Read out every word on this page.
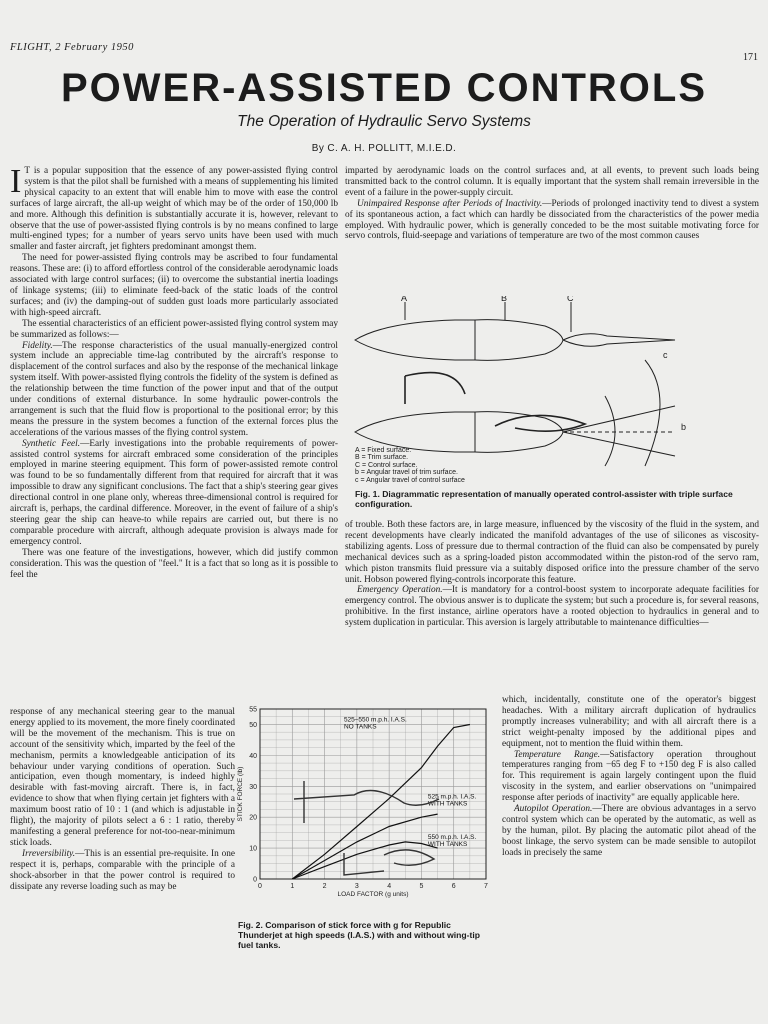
FLIGHT, 2 February 1950
171
POWER-ASSISTED CONTROLS
The Operation of Hydraulic Servo Systems
By C. A. H. POLLITT, M.I.E.D.

I T is a popular supposition that the essence of any power-assisted flying control system is that the pilot shall be furnished with a means of supplementing his limited physical capacity to an extent that will enable him to move with ease the control surfaces of large aircraft, the all-up weight of which may be of the order of 150,000 lb and more. Although this definition is substantially accurate it is, however, relevant to observe that the use of power-assisted flying controls is by no means confined to large multi-engined types; for a number of years servo units have been used with much smaller and faster aircraft, jet fighters predominant amongst them.

The need for power-assisted flying controls may be ascribed to four fundamental reasons. These are: (i) to afford effortless control of the considerable aerodynamic loads associated with large control surfaces; (ii) to overcome the substantial inertia loadings of linkage systems; (iii) to eliminate feed-back of the static loads of the control surfaces; and (iv) the damping-out of sudden gust loads more particularly associated with high-speed aircraft.

The essential characteristics of an efficient power-assisted flying control system may be summarized as follows:—

Fidelity.—The response characteristics of the usual manually-energized control system include an appreciable time-lag contributed by the aircraft's response to displacement of the control surfaces and also by the response of the mechanical linkage system itself. With power-assisted flying controls the fidelity of the system is defined as the relationship between the time function of the power input and that of the output under conditions of external disturbance. In some hydraulic power-controls the arrangement is such that the fluid flow is proportional to the positional error; by this means the pressure in the system becomes a function of the external forces plus the accelerations of the various masses of the flying control system.

Synthetic Feel.—Early investigations into the probable requirements of power-assisted control systems for aircraft embraced some consideration of the principles employed in marine steering equipment. This form of power-assisted remote control was found to be so fundamentally different from that required for aircraft that it was impossible to draw any significant conclusions. The fact that a ship's steering gear gives directional control in one plane only, whereas three-dimensional control is required for aircraft is, perhaps, the cardinal difference. Moreover, in the event of failure of a ship's steering gear the ship can heave-to while repairs are carried out, but there is no comparable procedure with aircraft, although adequate provision is always made for emergency control.

There was one feature of the investigations, however, which did justify common consideration. This was the question of "feel." It is a fact that so long as it is possible to feel the

response of any mechanical steering gear to the manual energy applied to its movement, the more finely coordinated will be the movement of the mechanism. This is true on account of the sensitivity which, imparted by the feel of the mechanism, permits a knowledgeable anticipation of its behaviour under varying conditions of operation. Such anticipation, even though momentary, is indeed highly desirable with fast-moving aircraft. There is, in fact, evidence to show that when flying certain jet fighters with a maximum boost ratio of 10 : 1 (and which is adjustable in flight), the majority of pilots select a 6 : 1 ratio, thereby manifesting a general preference for not-too-near-minimum stick loads.

Irreversibility.—This is an essential pre-requisite. In one respect it is, perhaps, comparable with the principle of a shock-absorber in that the power control is required to dissipate any reverse loading such as may be

imparted by aerodynamic loads on the control surfaces and, at all events, to prevent such loads being transmitted back to the control column. It is equally important that the system shall remain irreversible in the event of a failure in the power-supply circuit.

Unimpaired Response after Periods of Inactivity.—Periods of prolonged inactivity tend to divest a system of its spontaneous action, a fact which can hardly be dissociated from the characteristics of the power media employed. With hydraulic power, which is generally conceded to be the most suitable motivating force for servo controls, fluid-seepage and variations of temperature are two of the most common causes

A	B	C
c
b
A = Fixed surface.
B = Trim surface.
C = Control surface.
b = Angular travel of trim surface.
c = Angular travel of control surface
Fig. 1. Diagrammatic representation of manually operated control-assister with triple surface configuration.

of trouble. Both these factors are, in large measure, influenced by the viscosity of the fluid in the system, and recent developments have clearly indicated the manifold advantages of the use of silicones as viscosity-stabilizing agents. Loss of pressure due to thermal contraction of the fluid can also be compensated by purely mechanical devices such as a spring-loaded piston accommodated within the piston-rod of the servo ram, which piston transmits fluid pressure via a suitably disposed orifice into the pressure chamber of the servo unit. Hobson powered flying-controls incorporate this feature.

Emergency Operation.—It is mandatory for a control-boost system to incorporate adequate facilities for emergency control. The obvious answer is to duplicate the system; but such a procedure is, for several reasons, prohibitive. In the first instance, airline operators have a rooted objection to hydraulics in general and to system duplication in particular. This aversion is largely attributable to maintenance difficulties—

0	1	2	3	4	5	6	7
0
10
20
30
40
50
55
LOAD FACTOR (g units)
STICK FORCE (lb)
525–550 m.p.h. I.A.S. NO TANKS
525 m.p.h. I.A.S. WITH TANKS
550 m.p.h. I.A.S. WITH TANKS
Fig. 2. Comparison of stick force with g for Republic Thunderjet at high speeds (I.A.S.) with and without wing-tip fuel tanks.

which, incidentally, constitute one of the operator's biggest headaches. With a military aircraft duplication of hydraulics promptly increases vulnerability; and with all aircraft there is a strict weight-penalty imposed by the additional pipes and equipment, not to mention the fluid within them.

Temperature Range.—Satisfactory operation throughout temperatures ranging from −65 deg F to +150 deg F is also called for. This requirement is again largely contingent upon the fluid viscosity in the system, and earlier observations on "unimpaired response after periods of inactivity" are equally applicable here.

Autopilot Operation.—There are obvious advantages in a servo control system which can be operated by the automatic, as well as by the human, pilot. By placing the automatic pilot ahead of the boost linkage, the servo system can be made sensible to autopilot loads in precisely the same
